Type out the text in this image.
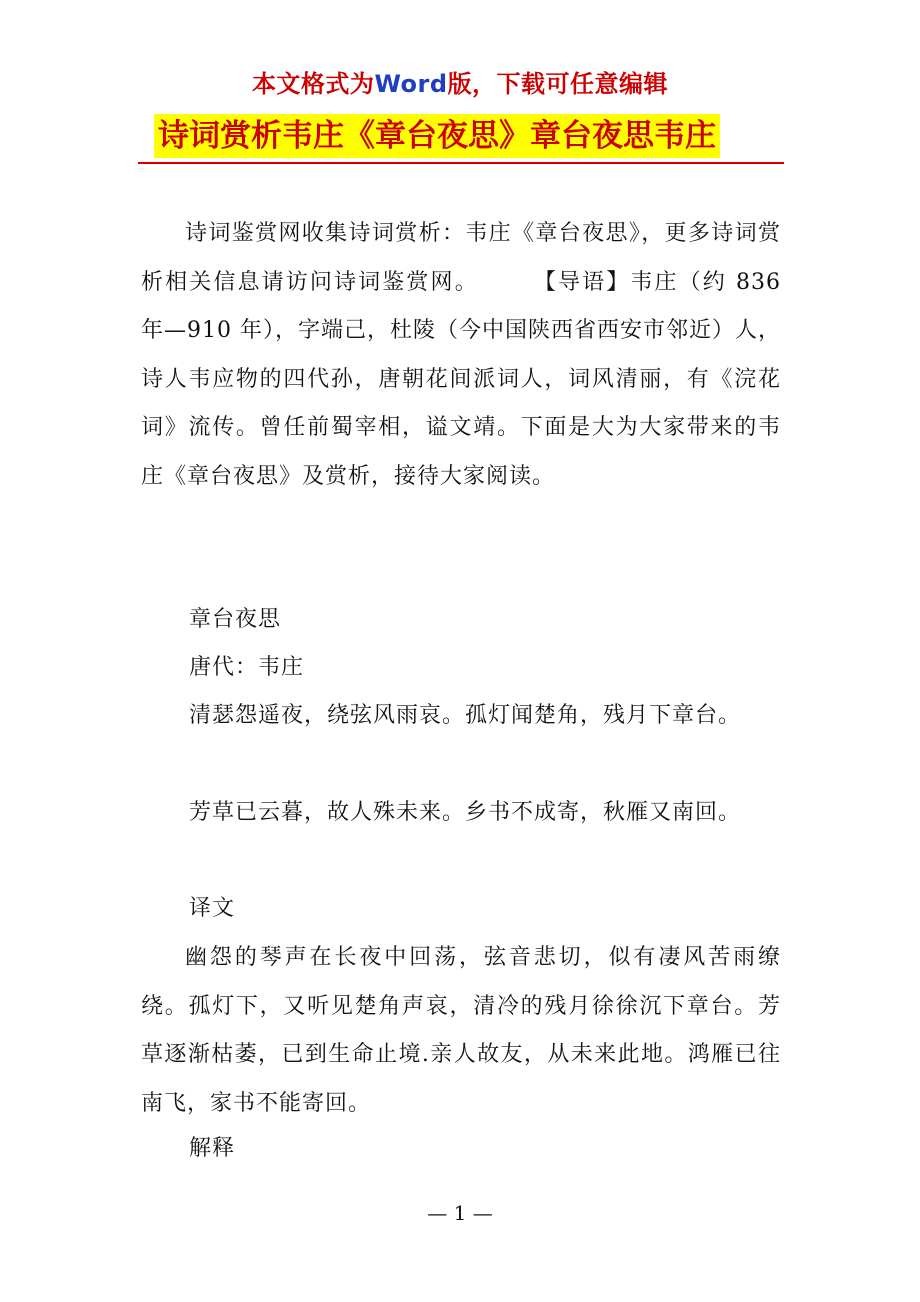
本文格式为Word版，下载可任意编辑
诗词赏析韦庄《章台夜思》章台夜思韦庄

诗词鉴赏网收集诗词赏析：韦庄《章台夜思》，更多诗词赏析相关信息请访问诗词鉴赏网。	【导语】韦庄（约 836 年—910 年），字端己，杜陵（今中国陕西省西安市邻近）人，诗人韦应物的四代孙，唐朝花间派词人，词风清丽，有《浣花词》流传。曾任前蜀宰相，谥文靖。下面是大为大家带来的韦庄《章台夜思》及赏析，接待大家阅读。

章台夜思

唐代：韦庄

清瑟怨遥夜，绕弦风雨哀。孤灯闻楚角，残月下章台。

芳草已云暮，故人殊未来。乡书不成寄，秋雁又南回。

译文

幽怨的琴声在长夜中回荡，弦音悲切，似有凄风苦雨缭绕。孤灯下，又听见楚角声哀，清冷的残月徐徐沉下章台。芳草逐渐枯萎，已到生命止境.亲人故友，从未来此地。鸿雁已往南飞，家书不能寄回。

解释

— 1 —
